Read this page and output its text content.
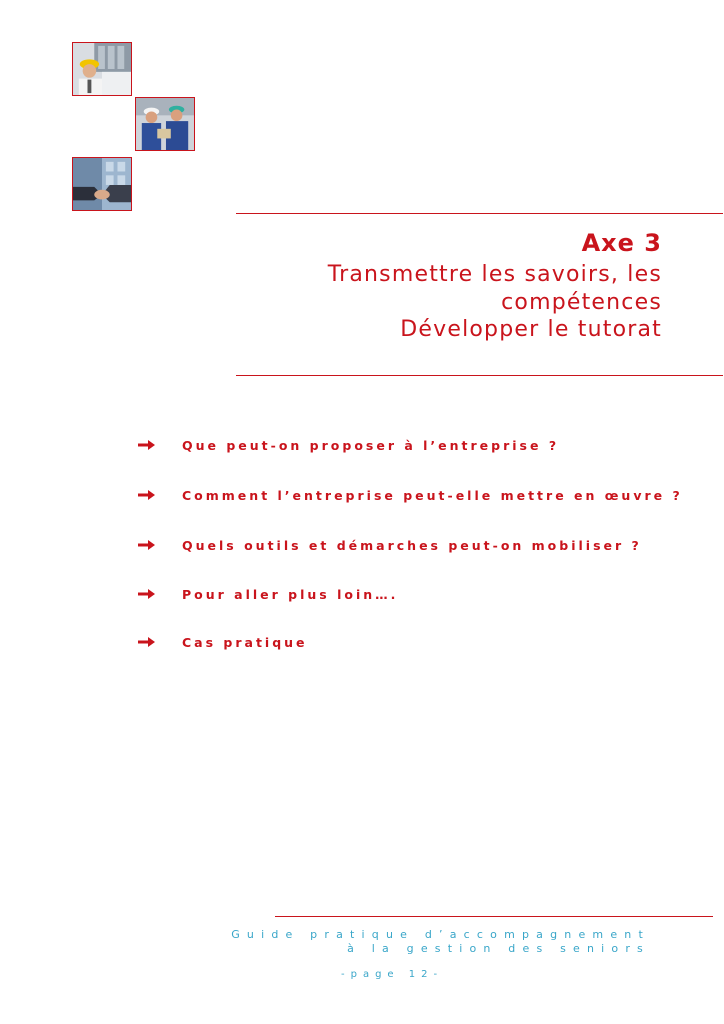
Axe 3
Transmettre les savoirs, les
compétences
Développer le tutorat
Que peut-on proposer à l’entreprise ?
Comment l’entreprise peut-elle mettre en œuvre ?
Quels outils et démarches peut-on mobiliser ?
Pour aller plus loin….
Cas pratique
Guide pratique d’accompagnement
à la gestion des seniors
-page 12-
